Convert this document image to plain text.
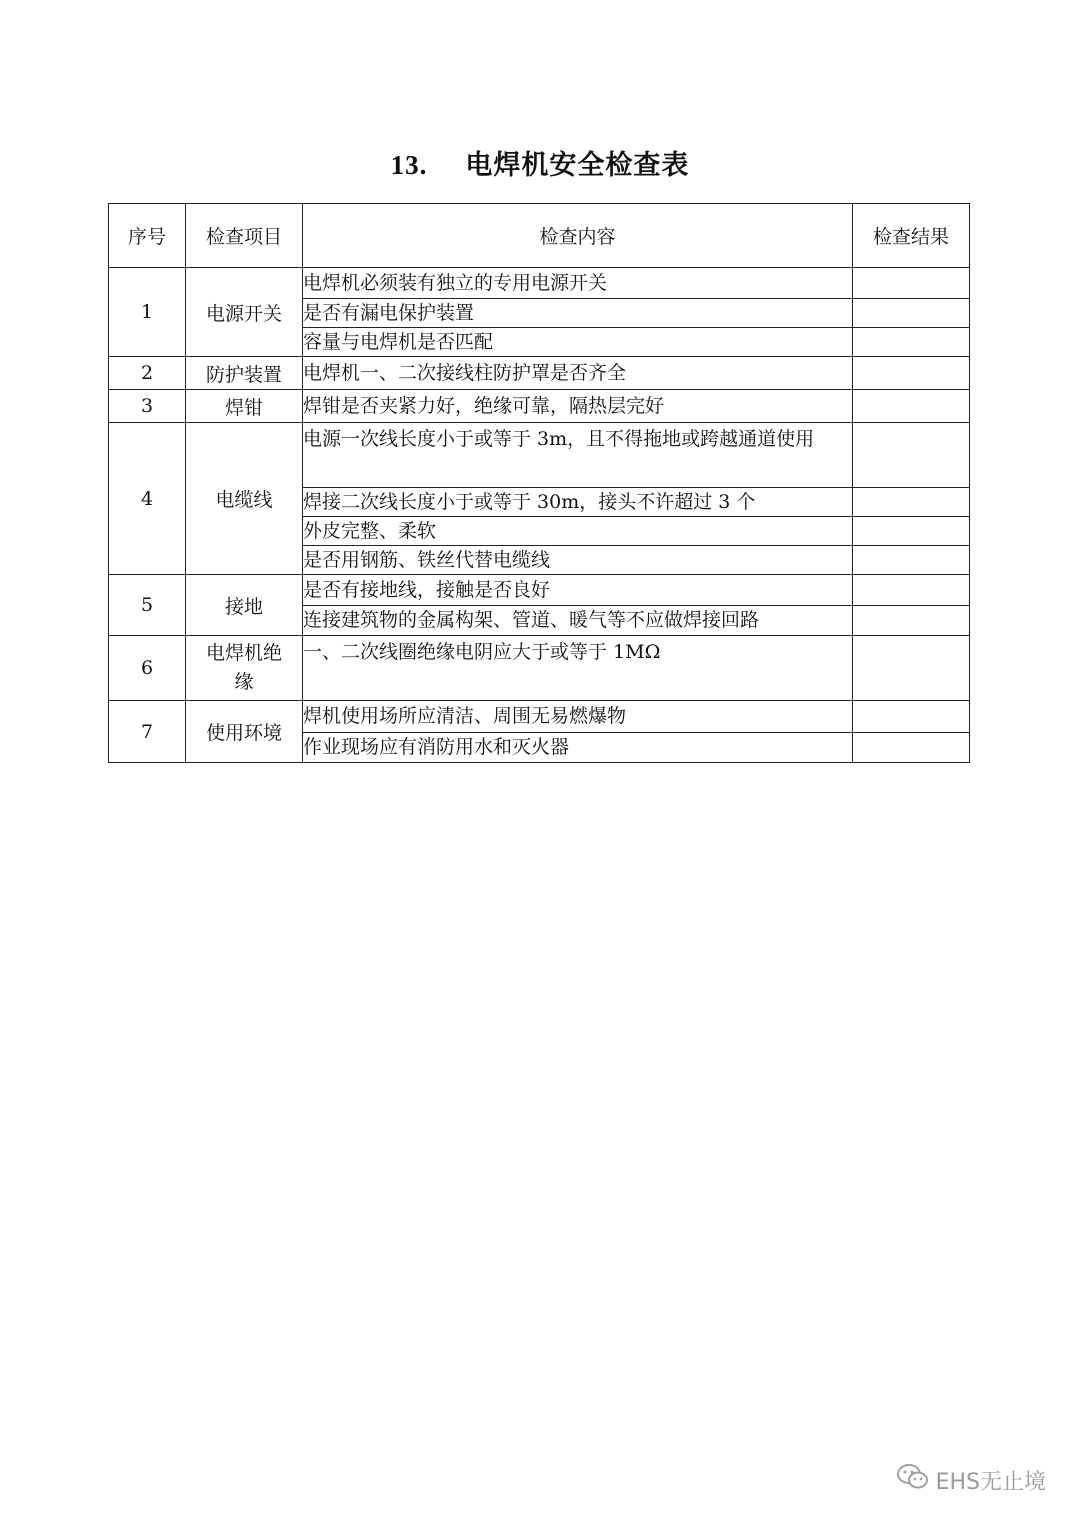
13. 电焊机安全检查表
序号	检查项目	检查内容	检查结果
1	电源开关	电焊机必须装有独立的专用电源开关	
		是否有漏电保护装置	
		容量与电焊机是否匹配	
2	防护装置	电焊机一、二次接线柱防护罩是否齐全	
3	焊钳	焊钳是否夹紧力好，绝缘可靠，隔热层完好	
4	电缆线	电源一次线长度小于或等于 3m，且不得拖地或跨越通道使用	
		焊接二次线长度小于或等于 30m，接头不许超过 3 个	
		外皮完整、柔软	
		是否用钢筋、铁丝代替电缆线	
5	接地	是否有接地线，接触是否良好	
		连接建筑物的金属构架、管道、暖气等不应做焊接回路	
6	电焊机绝缘	一、二次线圈绝缘电阴应大于或等于 1MΩ	
7	使用环境	焊机使用场所应清洁、周围无易燃爆物	
		作业现场应有消防用水和灭火器	
EHS无止境
